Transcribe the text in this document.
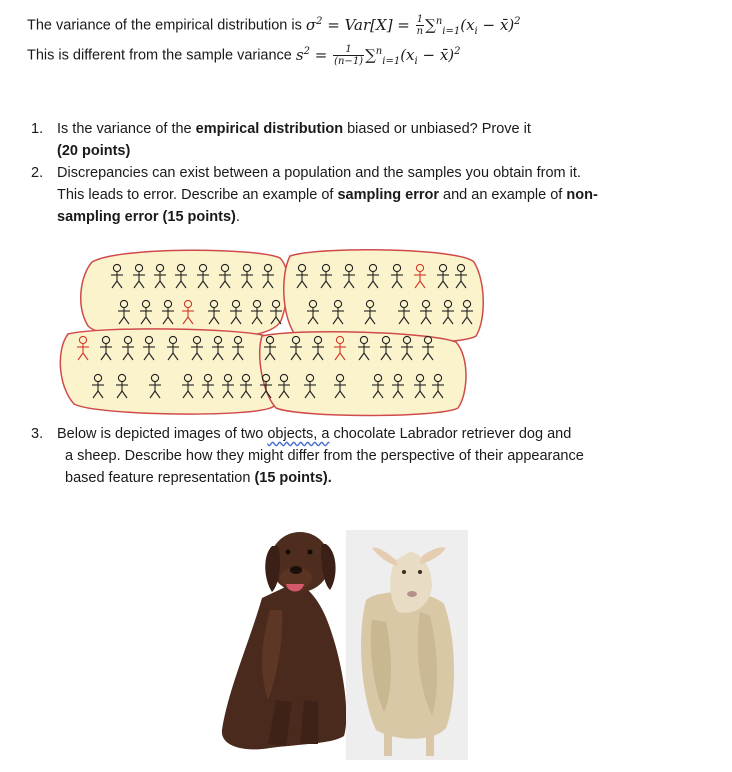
The variance of the empirical distribution is $\sigma^2 = Var[X] = \frac{1}{n} \sum^n_{i=1}(x_i$ − x̄)$^2$
This is different from the sample variance $s^2 = \frac{1}{(n-1)} \sum^n_{i=1}(x_i$ − x̄)$^2$
1. Is the variance of the empirical distribution biased or unbiased? Prove it
(20 points)
2. Discrepancies can exist between a population and the samples you obtain from it.
This leads to error. Describe an example of sampling error and an example of non-
sampling error (15 points).
3. Below is depicted images of two objects, a chocolate Labrador retriever dog and
a sheep. Describe how they might differ from the perspective of their appearance
based feature representation (15 points).
